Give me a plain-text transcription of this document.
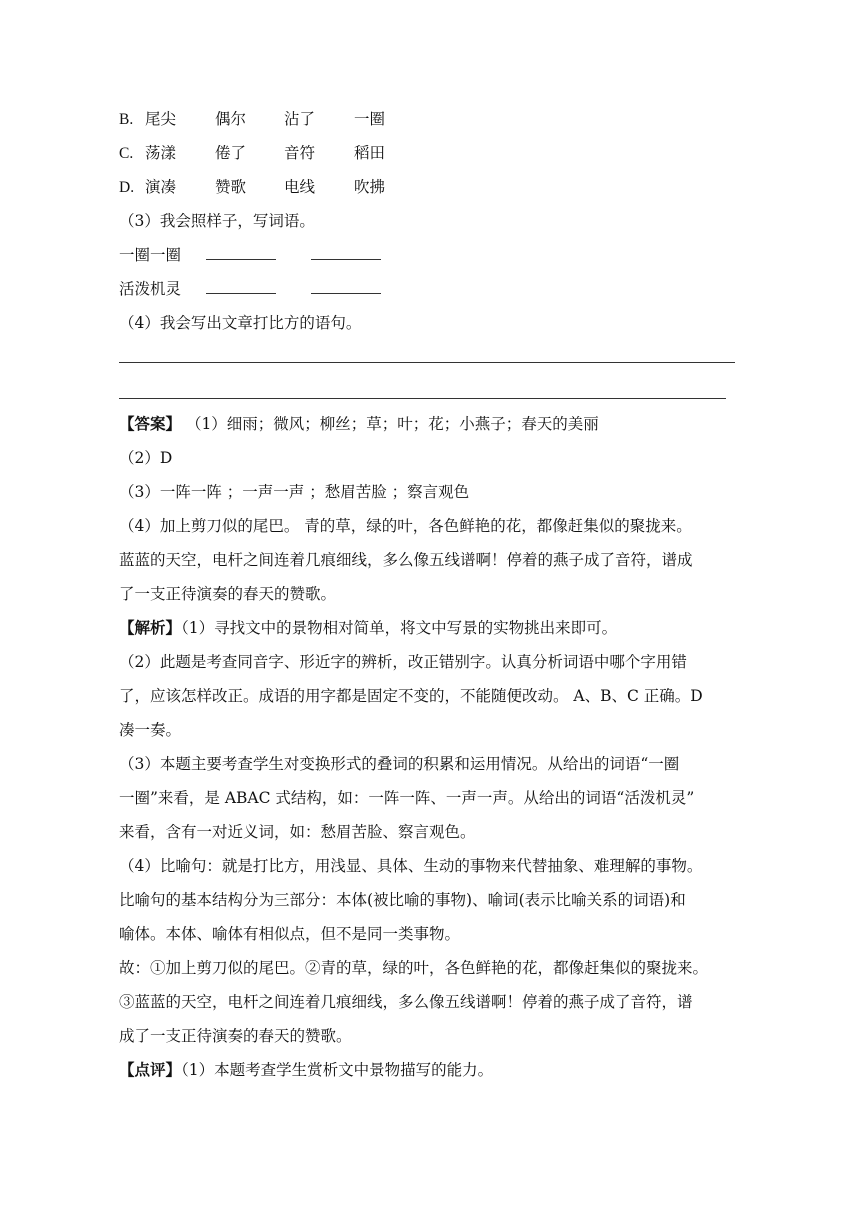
B. 尾尖	偶尔 沾了	一圈
C. 荡漾	倦了 音符	稻田
D. 演凑	赞歌 电线	吹拂
（3）我会照样子，写词语。
一圈一圈
活泼机灵
（4）我会写出文章打比方的语句。
【答案】 （1）细雨；微风；柳丝；草；叶；花；小燕子；春天的美丽
（2）D
（3）一阵一阵 ；一声一声 ；愁眉苦脸 ；察言观色
（4）加上剪刀似的尾巴。 青的草，绿的叶，各色鲜艳的花，都像赶集似的聚拢来。
蓝蓝的天空，电杆之间连着几痕细线，多么像五线谱啊！停着的燕子成了音符，谱成
了一支正待演奏的春天的赞歌。
【解析】（1）寻找文中的景物相对简单，将文中写景的实物挑出来即可。
（2）此题是考查同音字、形近字的辨析，改正错别字。认真分析词语中哪个字用错
了，应该怎样改正。成语的用字都是固定不变的，不能随便改动。 A、B、C 正确。D
凑一奏。
（3）本题主要考查学生对变换形式的叠词的积累和运用情况。从给出的词语“一圈
一圈”来看，是 ABAC 式结构，如：一阵一阵、一声一声。从给出的词语“活泼机灵”
来看，含有一对近义词，如：愁眉苦脸、察言观色。
（4）比喻句：就是打比方，用浅显、具体、生动的事物来代替抽象、难理解的事物。
比喻句的基本结构分为三部分：本体(被比喻的事物)、喻词(表示比喻关系的词语)和
喻体。本体、喻体有相似点，但不是同一类事物。
故：①加上剪刀似的尾巴。②青的草，绿的叶，各色鲜艳的花，都像赶集似的聚拢来。
③蓝蓝的天空，电杆之间连着几痕细线，多么像五线谱啊！停着的燕子成了音符，谱
成了一支正待演奏的春天的赞歌。
【点评】（1）本题考查学生赏析文中景物描写的能力。
